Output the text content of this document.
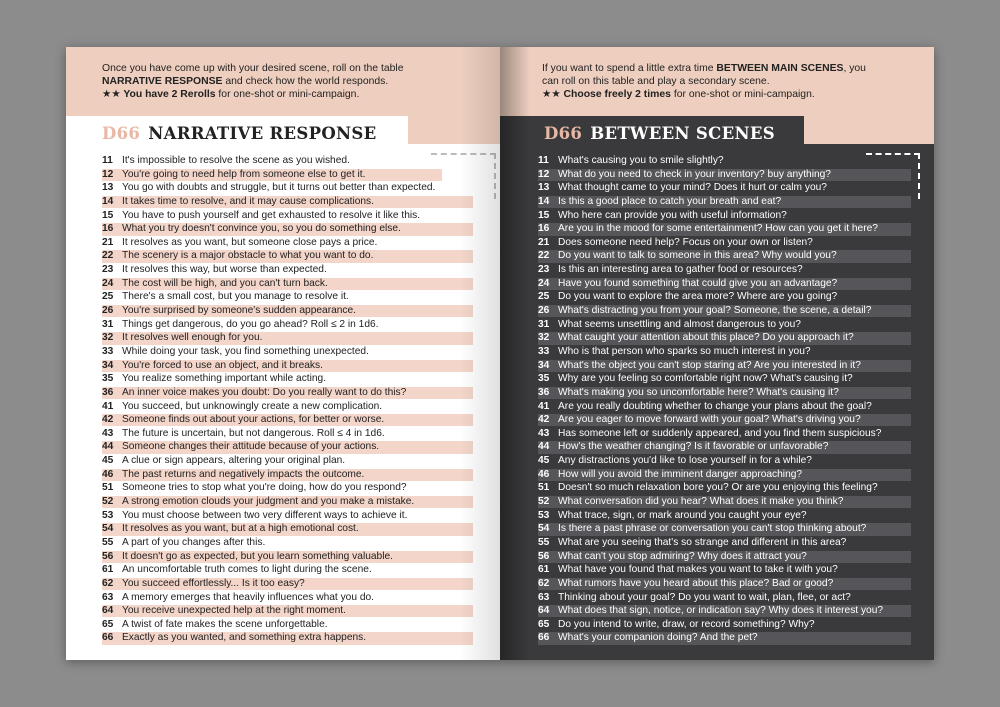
Once you have come up with your desired scene, roll on the table
NARRATIVE RESPONSE and check how the world responds.
★★ You have 2 Rerolls for one-shot or mini-campaign.
D66 NARRATIVE RESPONSE
11 It's impossible to resolve the scene as you wished.
12 You're going to need help from someone else to get it.
13 You go with doubts and struggle, but it turns out better than expected.
14 It takes time to resolve, and it may cause complications.
15 You have to push yourself and get exhausted to resolve it like this.
16 What you try doesn't convince you, so you do something else.
21 It resolves as you want, but someone close pays a price.
22 The scenery is a major obstacle to what you want to do.
23 It resolves this way, but worse than expected.
24 The cost will be high, and you can't turn back.
25 There's a small cost, but you manage to resolve it.
26 You're surprised by someone's sudden appearance.
31 Things get dangerous, do you go ahead? Roll ≤ 2 in 1d6.
32 It resolves well enough for you.
33 While doing your task, you find something unexpected.
34 You're forced to use an object, and it breaks.
35 You realize something important while acting.
36 An inner voice makes you doubt: Do you really want to do this?
41 You succeed, but unknowingly create a new complication.
42 Someone finds out about your actions, for better or worse.
43 The future is uncertain, but not dangerous. Roll ≤ 4 in 1d6.
44 Someone changes their attitude because of your actions.
45 A clue or sign appears, altering your original plan.
46 The past returns and negatively impacts the outcome.
51 Someone tries to stop what you're doing, how do you respond?
52 A strong emotion clouds your judgment and you make a mistake.
53 You must choose between two very different ways to achieve it.
54 It resolves as you want, but at a high emotional cost.
55 A part of you changes after this.
56 It doesn't go as expected, but you learn something valuable.
61 An uncomfortable truth comes to light during the scene.
62 You succeed effortlessly... Is it too easy?
63 A memory emerges that heavily influences what you do.
64 You receive unexpected help at the right moment.
65 A twist of fate makes the scene unforgettable.
66 Exactly as you wanted, and something extra happens.
If you want to spend a little extra time BETWEEN MAIN SCENES, you
can roll on this table and play a secondary scene.
★★ Choose freely 2 times for one-shot or mini-campaign.
D66 BETWEEN SCENES
11 What's causing you to smile slightly?
12 What do you need to check in your inventory? buy anything?
13 What thought came to your mind? Does it hurt or calm you?
14 Is this a good place to catch your breath and eat?
15 Who here can provide you with useful information?
16 Are you in the mood for some entertainment? How can you get it here?
21 Does someone need help? Focus on your own or listen?
22 Do you want to talk to someone in this area? Why would you?
23 Is this an interesting area to gather food or resources?
24 Have you found something that could give you an advantage?
25 Do you want to explore the area more? Where are you going?
26 What's distracting you from your goal? Someone, the scene, a detail?
31 What seems unsettling and almost dangerous to you?
32 What caught your attention about this place? Do you approach it?
33 Who is that person who sparks so much interest in you?
34 What's the object you can't stop staring at? Are you interested in it?
35 Why are you feeling so comfortable right now? What's causing it?
36 What's making you so uncomfortable here? What's causing it?
41 Are you really doubting whether to change your plans about the goal?
42 Are you eager to move forward with your goal? What's driving you?
43 Has someone left or suddenly appeared, and you find them suspicious?
44 How's the weather changing? Is it favorable or unfavorable?
45 Any distractions you'd like to lose yourself in for a while?
46 How will you avoid the imminent danger approaching?
51 Doesn't so much relaxation bore you? Or are you enjoying this feeling?
52 What conversation did you hear? What does it make you think?
53 What trace, sign, or mark around you caught your eye?
54 Is there a past phrase or conversation you can't stop thinking about?
55 What are you seeing that's so strange and different in this area?
56 What can't you stop admiring? Why does it attract you?
61 What have you found that makes you want to take it with you?
62 What rumors have you heard about this place? Bad or good?
63 Thinking about your goal? Do you want to wait, plan, flee, or act?
64 What does that sign, notice, or indication say? Why does it interest you?
65 Do you intend to write, draw, or record something? Why?
66 What's your companion doing? And the pet?
